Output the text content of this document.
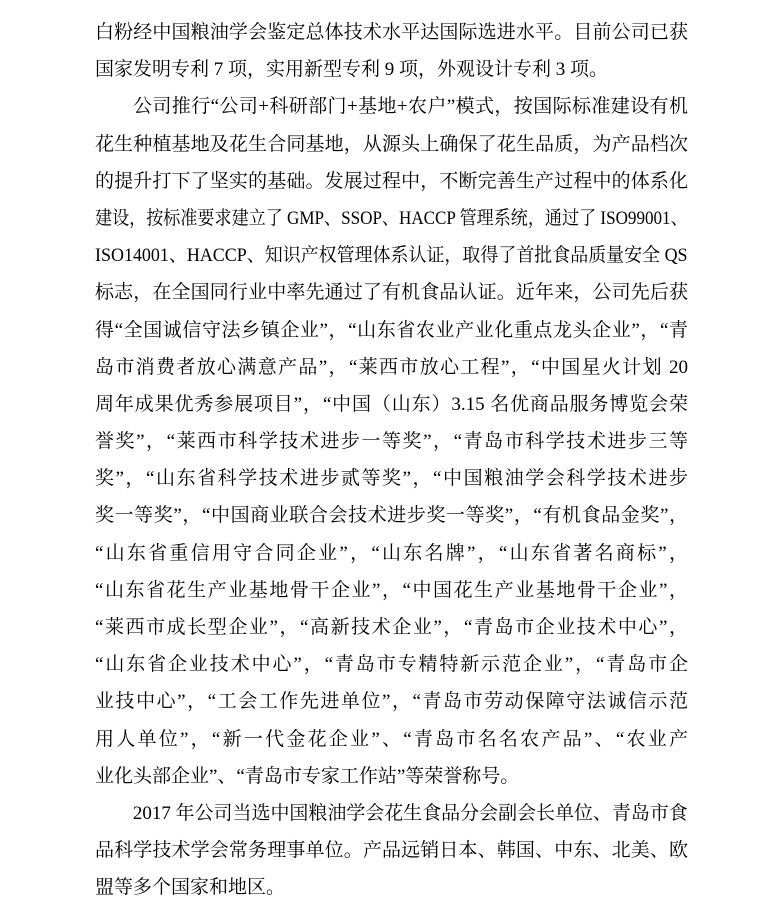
白粉经中国粮油学会鉴定总体技术水平达国际选进水平。目前公司已获
国家发明专利 7 项，实用新型专利 9 项，外观设计专利 3 项。
公司推行“公司+科研部门+基地+农户”模式，按国际标准建设有机
花生种植基地及花生合同基地，从源头上确保了花生品质，为产品档次
的提升打下了坚实的基础。发展过程中，不断完善生产过程中的体系化
建设，按标准要求建立了 GMP、SSOP、HACCP 管理系统，通过了 ISO99001、
ISO14001、HACCP、知识产权管理体系认证，取得了首批食品质量安全 QS
标志，在全国同行业中率先通过了有机食品认证。近年来，公司先后获
得“全国诚信守法乡镇企业”，“山东省农业产业化重点龙头企业”，“青
岛市消费者放心满意产品”，“莱西市放心工程”，“中国星火计划 20
周年成果优秀参展项目”，“中国（山东）3.15 名优商品服务博览会荣
誉奖”，“莱西市科学技术进步一等奖”，“青岛市科学技术进步三等
奖”，“山东省科学技术进步贰等奖”，“中国粮油学会科学技术进步
奖一等奖”，“中国商业联合会技术进步奖一等奖”，“有机食品金奖”，
“山东省重信用守合同企业”，“山东名牌”，“山东省著名商标”，
“山东省花生产业基地骨干企业”，“中国花生产业基地骨干企业”，
“莱西市成长型企业”，“高新技术企业”，“青岛市企业技术中心”，
“山东省企业技术中心”，“青岛市专精特新示范企业”，“青岛市企
业技中心”，“工会工作先进单位”，“青岛市劳动保障守法诚信示范
用人单位”，“新一代金花企业”、“青岛市名名农产品”、“农业产
业化头部企业”、“青岛市专家工作站”等荣誉称号。
2017 年公司当选中国粮油学会花生食品分会副会长单位、青岛市食
品科学技术学会常务理事单位。产品远销日本、韩国、中东、北美、欧
盟等多个国家和地区。
